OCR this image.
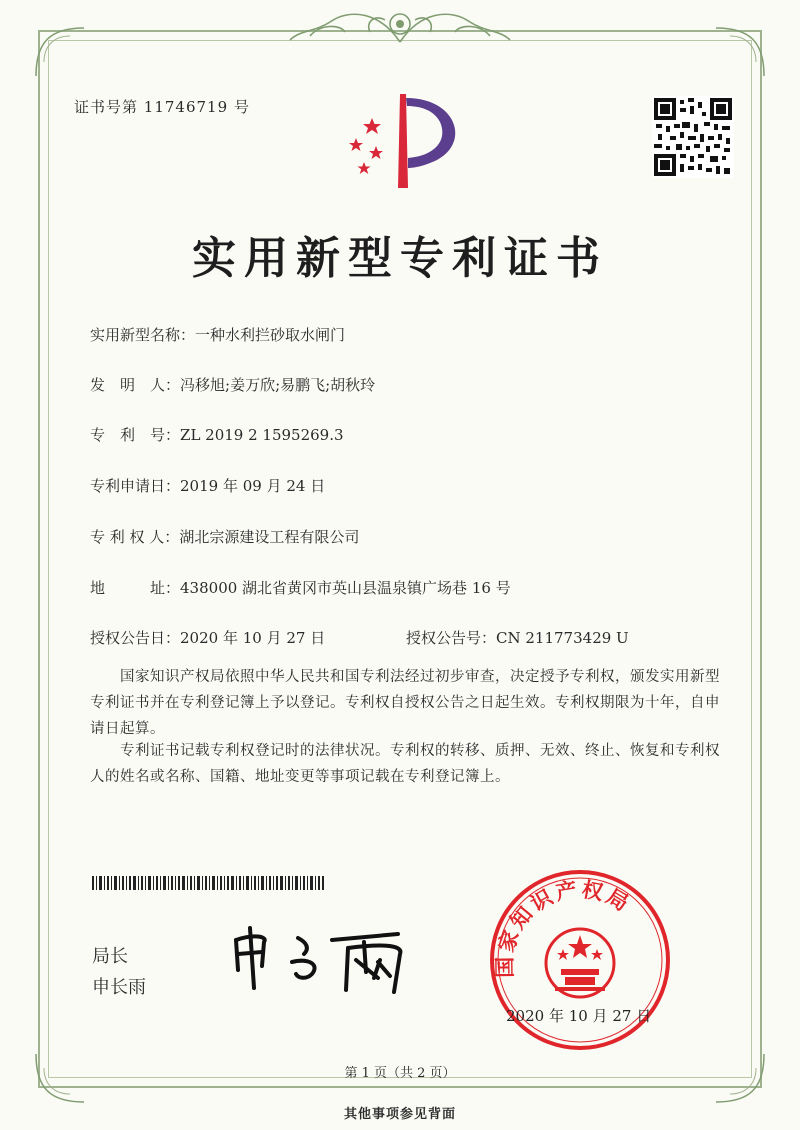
证书号第 11746719 号
实用新型专利证书
实用新型名称：一种水利拦砂取水闸门
发　明　人：冯移旭;姜万欣;易鹏飞;胡秋玲
专　利　号：ZL 2019 2 1595269.3
专利申请日：2019 年 09 月 24 日
专 利 权 人：湖北宗源建设工程有限公司
地　　　址：438000 湖北省黄冈市英山县温泉镇广场巷 16 号
授权公告日：2020 年 10 月 27 日	授权公告号：CN 211773429 U
国家知识产权局依照中华人民共和国专利法经过初步审查，决定授予专利权，颁发实用新型专利证书并在专利登记簿上予以登记。专利权自授权公告之日起生效。专利权期限为十年，自申请日起算。
专利证书记载专利权登记时的法律状况。专利权的转移、质押、无效、终止、恢复和专利权人的姓名或名称、国籍、地址变更等事项记载在专利登记簿上。
局长
申长雨
国家知识产权局
2020 年 10 月 27 日
第 1 页（共 2 页）
其他事项参见背面
